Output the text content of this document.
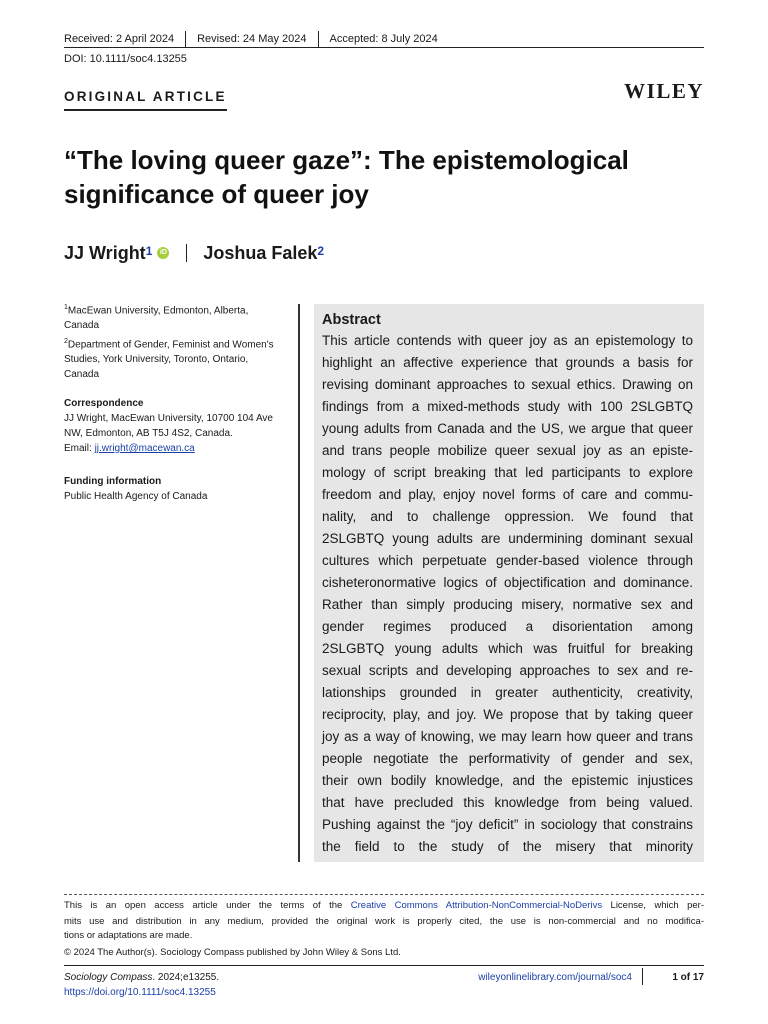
Received: 2 April 2024 Revised: 24 May 2024 Accepted: 8 July 2024
DOI: 10.1111/soc4.13255
ORIGINAL ARTICLE	WILEY
“The loving queer gaze”: The epistemological significance of queer joy
JJ Wright$^1$	iD Joshua Falek$^2$
$^1$MacEwan University, Edmonton, Alberta, Canada
$^2$Department of Gender, Feminist and Women's Studies, York University, Toronto, Ontario, Canada
Correspondence
JJ Wright, MacEwan University, 10700 104 Ave NW, Edmonton, AB T5J 4S2, Canada.
Email: jj.wright@macewan.ca
Funding information
Public Health Agency of Canada
Abstract
This article contends with queer joy as an epistemology to
highlight an affective experience that grounds a basis for
revising dominant approaches to sexual ethics. Drawing on
findings from a mixed-methods study with 100 2SLGBTQ
young adults from Canada and the US, we argue that queer
and trans people mobilize queer sexual joy as an episte-
mology of script breaking that led participants to explore
freedom and play, enjoy novel forms of care and commu-
nality, and to challenge oppression. We found that
2SLGBTQ young adults are undermining dominant sexual
cultures which perpetuate gender-based violence through
cisheteronormative logics of objectification and dominance.
Rather than simply producing misery, normative sex and
gender regimes produced a disorientation among
2SLGBTQ young adults which was fruitful for breaking
sexual scripts and developing approaches to sex and re-
lationships grounded in greater authenticity, creativity,
reciprocity, play, and joy. We propose that by taking queer
joy as a way of knowing, we may learn how queer and trans
people negotiate the performativity of gender and sex,
their own bodily knowledge, and the epistemic injustices
that have precluded this knowledge from being valued.
Pushing against the “joy deficit” in sociology that constrains
the field to the study of the misery that minority
This is an open access article under the terms of the Creative Commons Attribution-NonCommercial-NoDerivs License, which per-
mits use and distribution in any medium, provided the original work is properly cited, the use is non-commercial and no modifica-
tions or adaptations are made.
© 2024 The Author(s). Sociology Compass published by John Wiley & Sons Ltd.
Sociology Compass. 2024;e13255.
https://doi.org/10.1111/soc4.13255
wileyonlinelibrary.com/journal/soc4	1 of 17
